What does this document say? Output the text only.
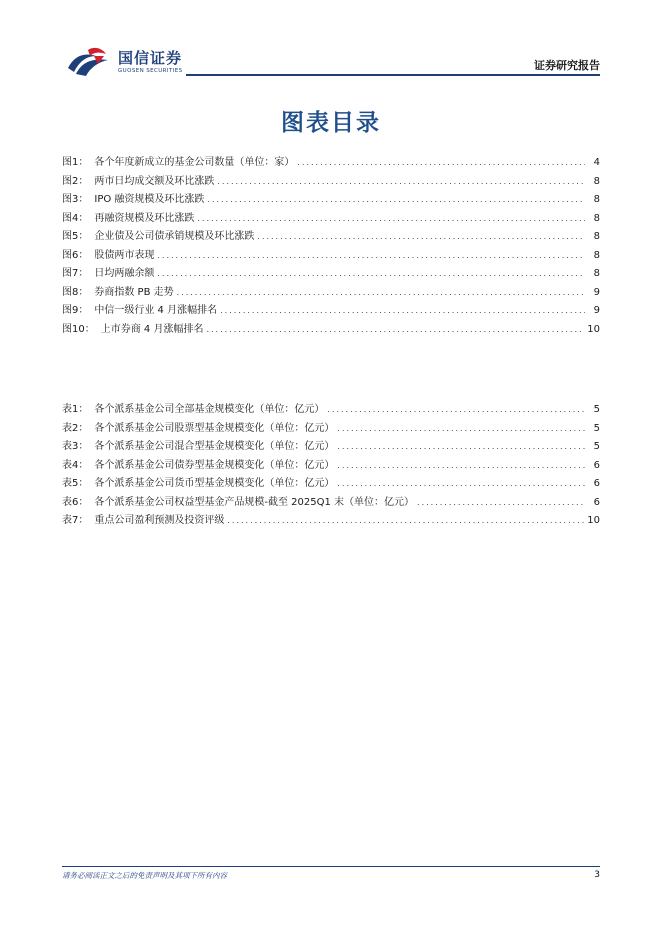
国信证券
GUOSEN SECURITIES	证券研究报告
图表目录
图1： 各个年度新成立的基金公司数量（单位：家） .....	4
图2： 两市日均成交额及环比涨跌 .....	8
图3： IPO 融资规模及环比涨跌 .....	8
图4： 再融资规模及环比涨跌 .....	8
图5： 企业债及公司债承销规模及环比涨跌 .....	8
图6： 股债两市表现 .....	8
图7： 日均两融余额 .....	8
图8： 券商指数 PB 走势 .....	9
图9： 中信一级行业 4 月涨幅排名 .....	9
图10： 上市券商 4 月涨幅排名 .....	10
表1： 各个派系基金公司全部基金规模变化（单位：亿元） .....	5
表2： 各个派系基金公司股票型基金规模变化（单位：亿元） .....	5
表3： 各个派系基金公司混合型基金规模变化（单位：亿元） .....	5
表4： 各个派系基金公司债券型基金规模变化（单位：亿元） .....	6
表5： 各个派系基金公司货币型基金规模变化（单位：亿元） .....	6
表6： 各个派系基金公司权益型基金产品规模-截至 2025Q1 末（单位：亿元） .....	6
表7： 重点公司盈利预测及投资评级 .....	10
请务必阅读正文之后的免责声明及其项下所有内容	3
